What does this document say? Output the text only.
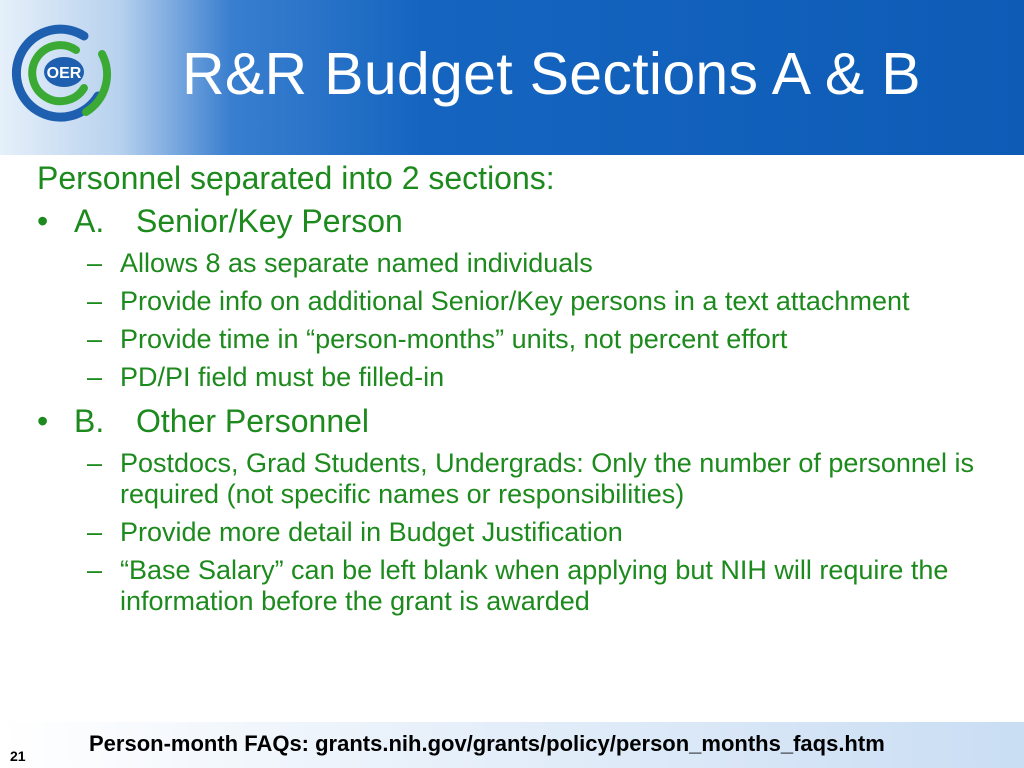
OER R&R Budget Sections A & B

Personnel separated into 2 sections:

• A. Senior/Key Person
– Allows 8 as separate named individuals
– Provide info on additional Senior/Key persons in a text attachment
– Provide time in “person-months” units, not percent effort
– PD/PI field must be filled-in
• B. Other Personnel
– Postdocs, Grad Students, Undergrads: Only the number of personnel is required (not specific names or responsibilities)
– Provide more detail in Budget Justification
– “Base Salary” can be left blank when applying but NIH will require the information before the grant is awarded
21	Person-month FAQs: grants.nih.gov/grants/policy/person_months_faqs.htm
